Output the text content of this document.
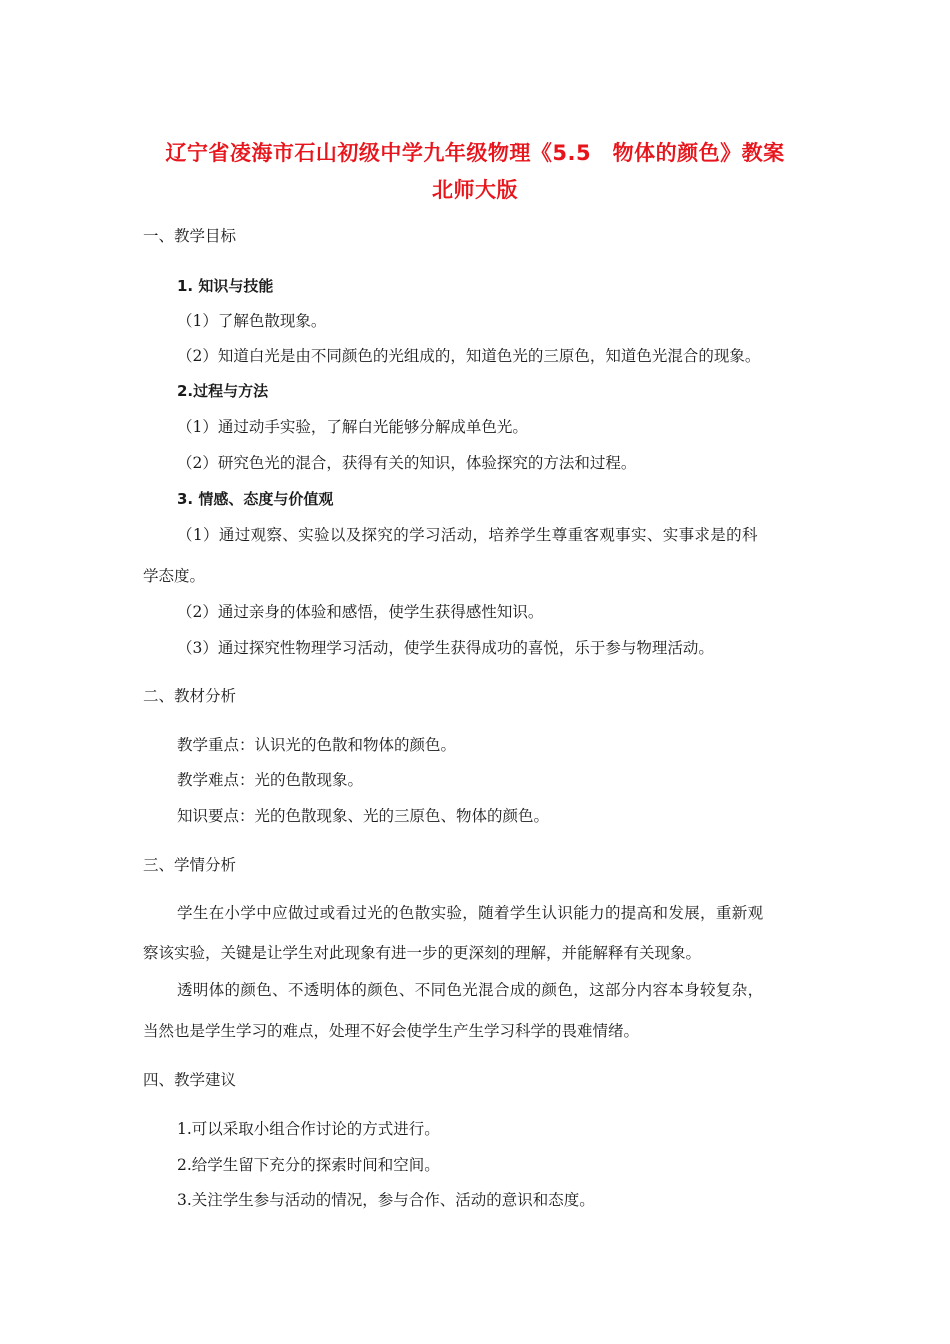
辽宁省凌海市石山初级中学九年级物理《5.5　物体的颜色》教案
北师大版
一、教学目标
1. 知识与技能
（1）了解色散现象。
（2）知道白光是由不同颜色的光组成的，知道色光的三原色，知道色光混合的现象。
2.过程与方法
（1）通过动手实验，了解白光能够分解成单色光。
（2）研究色光的混合，获得有关的知识，体验探究的方法和过程。
3. 情感、态度与价值观
（1）通过观察、实验以及探究的学习活动，培养学生尊重客观事实、实事求是的科
学态度。
（2）通过亲身的体验和感悟，使学生获得感性知识。
（3）通过探究性物理学习活动，使学生获得成功的喜悦，乐于参与物理活动。
二、教材分析
教学重点：认识光的色散和物体的颜色。
教学难点：光的色散现象。
知识要点：光的色散现象、光的三原色、物体的颜色。
三、学情分析
学生在小学中应做过或看过光的色散实验，随着学生认识能力的提高和发展，重新观
察该实验，关键是让学生对此现象有进一步的更深刻的理解，并能解释有关现象。
透明体的颜色、不透明体的颜色、不同色光混合成的颜色，这部分内容本身较复杂，
当然也是学生学习的难点，处理不好会使学生产生学习科学的畏难情绪。
四、教学建议
1.可以采取小组合作讨论的方式进行。
2.给学生留下充分的探索时间和空间。
3.关注学生参与活动的情况，参与合作、活动的意识和态度。
